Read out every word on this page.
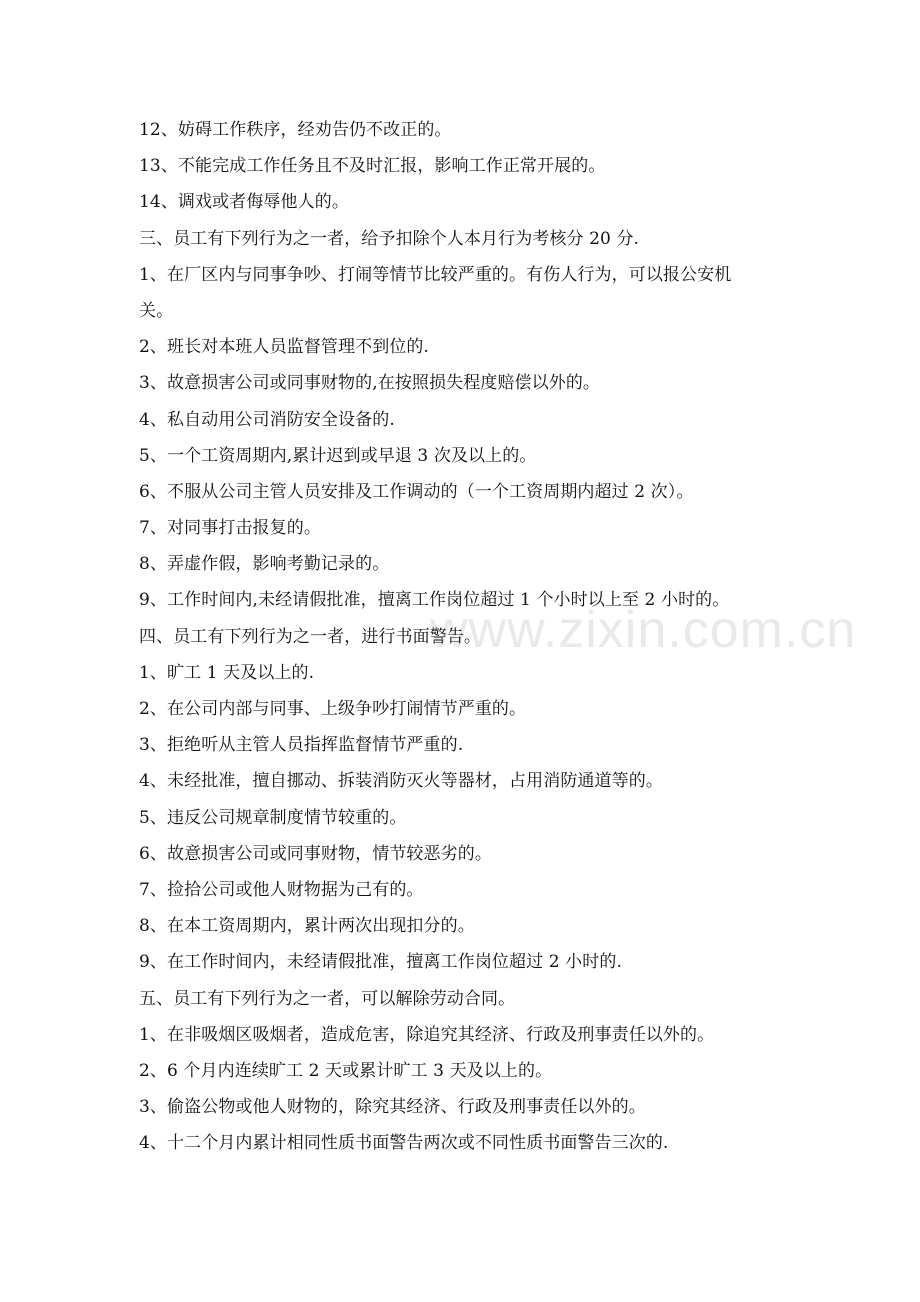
www.zixin.com.cn
12、妨碍工作秩序，经劝告仍不改正的。
13、不能完成工作任务且不及时汇报，影响工作正常开展的。
14、调戏或者侮辱他人的。
三、员工有下列行为之一者，给予扣除个人本月行为考核分 20 分.
1、在厂区内与同事争吵、打闹等情节比较严重的。有伤人行为，可以报公安机
关。
2、班长对本班人员监督管理不到位的.
3、故意损害公司或同事财物的,在按照损失程度赔偿以外的。
4、私自动用公司消防安全设备的.
5、一个工资周期内,累计迟到或早退 3 次及以上的。
6、不服从公司主管人员安排及工作调动的（一个工资周期内超过 2 次）。
7、对同事打击报复的。
8、弄虚作假，影响考勤记录的。
9、工作时间内,未经请假批准，擅离工作岗位超过 1 个小时以上至 2 小时的。
四、员工有下列行为之一者，进行书面警告。
1、旷工 1 天及以上的.
2、在公司内部与同事、上级争吵打闹情节严重的。
3、拒绝听从主管人员指挥监督情节严重的.
4、未经批准，擅自挪动、拆装消防灭火等器材，占用消防通道等的。
5、违反公司规章制度情节较重的。
6、故意损害公司或同事财物，情节较恶劣的。
7、捡拾公司或他人财物据为己有的。
8、在本工资周期内，累计两次出现扣分的。
9、在工作时间内，未经请假批准，擅离工作岗位超过 2 小时的.
五、员工有下列行为之一者，可以解除劳动合同。
1、在非吸烟区吸烟者，造成危害，除追究其经济、行政及刑事责任以外的。
2、6 个月内连续旷工 2 天或累计旷工 3 天及以上的。
3、偷盗公物或他人财物的，除究其经济、行政及刑事责任以外的。
4、十二个月内累计相同性质书面警告两次或不同性质书面警告三次的.
